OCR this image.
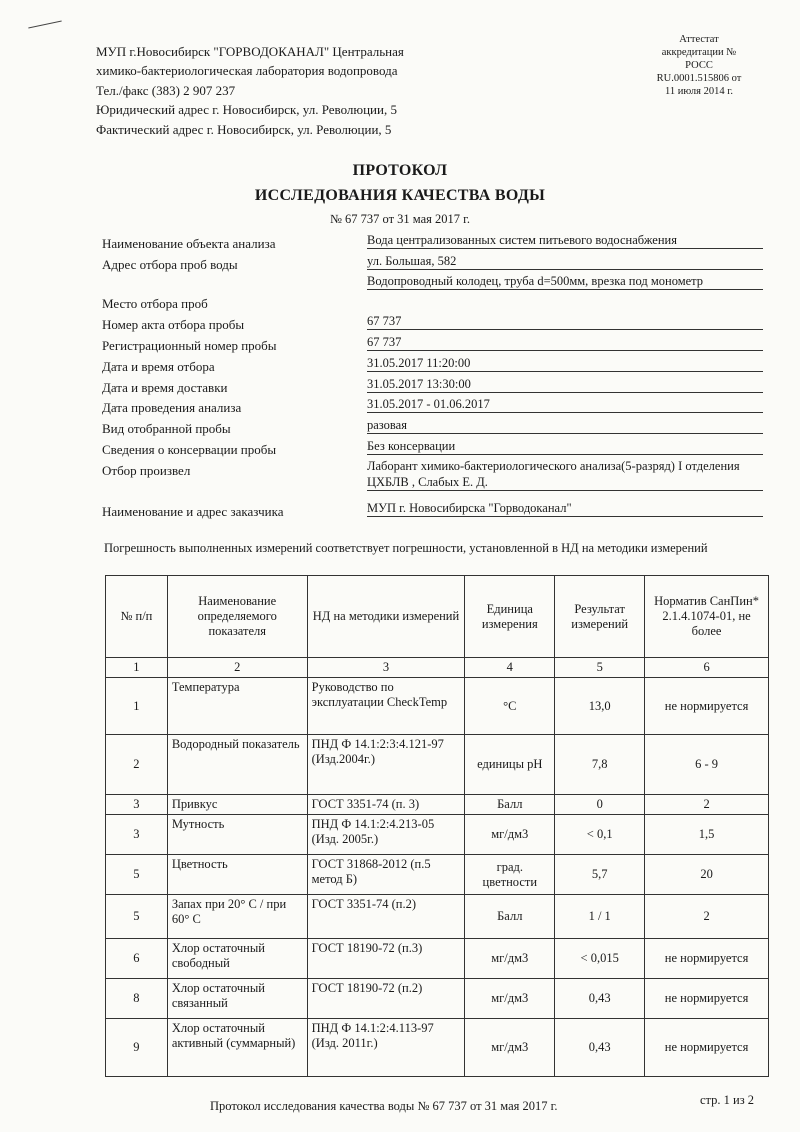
МУП г.Новосибирск "ГОРВОДОКАНАЛ" Центральная
химико-бактериологическая лаборатория водопровода
Тел./факс (383) 2 907 237
Юридический адрес г. Новосибирск, ул. Революции, 5
Фактический адрес г. Новосибирск, ул. Революции, 5
Аттестат
аккредитации №
РОСС
RU.0001.515806 от
11 июля 2014 г.
ПРОТОКОЛ
ИССЛЕДОВАНИЯ КАЧЕСТВА ВОДЫ
№ 67 737 от 31 мая 2017 г.
Наименование объекта анализа	Вода централизованных систем питьевого водоснабжения
Адрес отбора проб воды	ул. Большая, 582
Место отбора проб
Водопроводный колодец, труба d=500мм, врезка под монометр
Номер акта отбора пробы	67 737
Регистрационный номер пробы	67 737
Дата и время отбора	31.05.2017 11:20:00
Дата и время доставки	31.05.2017 13:30:00
Дата проведения анализа	31.05.2017 - 01.06.2017
Вид отобранной пробы	разовая
Сведения о консервации пробы	Без консервации
Отбор произвел	Лаборант химико-бактериологического анализа(5-разряд) I отделения ЦХБЛВ , Слабых Е. Д.
Наименование и адрес заказчика	МУП г. Новосибирска "Горводоканал"
Погрешность выполненных измерений соответствует погрешности, установленной в НД на методики измерений
№ п/п	Наименование определяемого показателя	НД на методики измерений	Единица измерения	Результат измерений	Норматив СанПин* 2.1.4.1074-01, не более
1	2	3	4	5	6
1	Температура	Руководство по эксплуатации CheckTemp	°С	13,0	не нормируется
2	Водородный показатель	ПНД Ф 14.1:2:3:4.121-97 (Изд.2004г.)	единицы pH	7,8	6 - 9
3	Привкус	ГОСТ 3351-74 (п. 3)	Балл	0	2
3	Мутность	ПНД Ф 14.1:2:4.213-05 (Изд. 2005г.)	мг/дм3	< 0,1	1,5
5	Цветность	ГОСТ 31868-2012 (п.5 метод Б)	град. цветности	5,7	20
5	Запах при 20° С / при 60° С	ГОСТ 3351-74 (п.2)	Балл	1 / 1	2
6	Хлор остаточный свободный	ГОСТ 18190-72 (п.3)	мг/дм3	< 0,015	не нормируется
8	Хлор остаточный связанный	ГОСТ 18190-72 (п.2)	мг/дм3	0,43	не нормируется
9	Хлор остаточный активный (суммарный)	ПНД Ф 14.1:2:4.113-97 (Изд. 2011г.)	мг/дм3	0,43	не нормируется
Протокол исследования качества воды № 67 737 от 31 мая 2017 г.	стр. 1 из 2
